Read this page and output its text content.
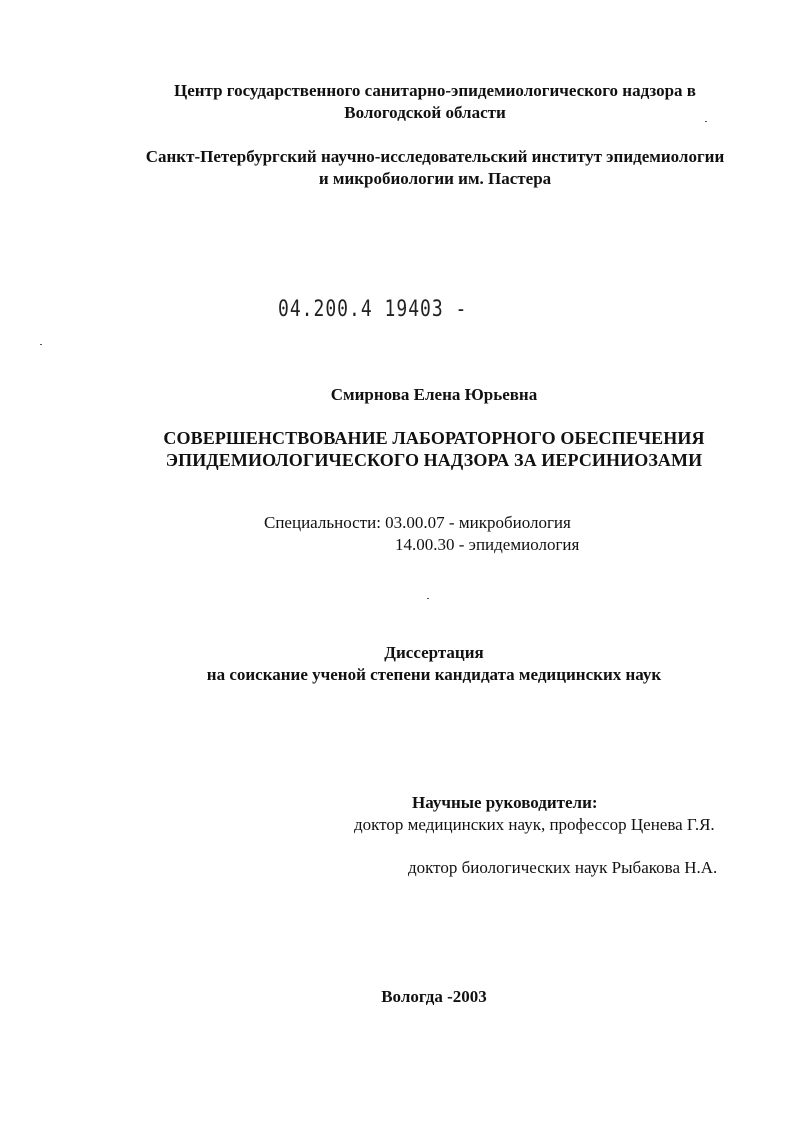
Центр государственного санитарно-эпидемиологического надзора в
Вологодской области
Санкт-Петербургский научно-исследовательский институт эпидемиологии
и микробиологии им. Пастера
04.200.4 19403 -
Смирнова Елена Юрьевна
СОВЕРШЕНСТВОВАНИЕ ЛАБОРАТОРНОГО ОБЕСПЕЧЕНИЯ
ЭПИДЕМИОЛОГИЧЕСКОГО НАДЗОРА ЗА ИЕРСИНИОЗАМИ
Специальности: 03.00.07 - микробиология
14.00.30 - эпидемиология
Диссертация
на соискание ученой степени кандидата медицинских наук
Научные руководители:
доктор медицинских наук, профессор Ценева Г.Я.
доктор биологических наук Рыбакова Н.А.
Вологда -2003
